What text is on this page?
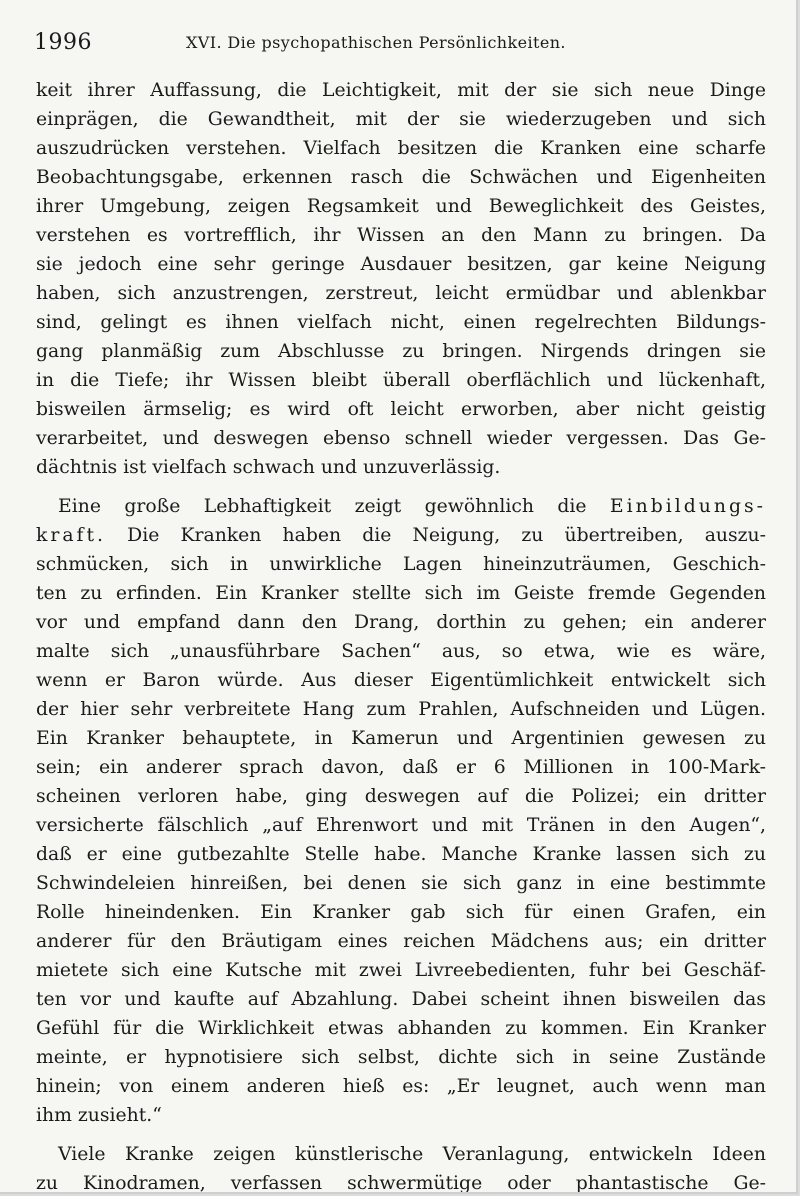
1996	XVI. Die psychopathischen Persönlichkeiten.
keit ihrer Auffassung, die Leichtigkeit, mit der sie sich neue Dinge
einprägen, die Gewandtheit, mit der sie wiederzugeben und sich
auszudrücken verstehen. Vielfach besitzen die Kranken eine scharfe
Beobachtungsgabe, erkennen rasch die Schwächen und Eigenheiten
ihrer Umgebung, zeigen Regsamkeit und Beweglichkeit des Geistes,
verstehen es vortrefflich, ihr Wissen an den Mann zu bringen. Da
sie jedoch eine sehr geringe Ausdauer besitzen, gar keine Neigung
haben, sich anzustrengen, zerstreut, leicht ermüdbar und ablenkbar
sind, gelingt es ihnen vielfach nicht, einen regelrechten Bildungs-
gang planmäßig zum Abschlusse zu bringen. Nirgends dringen sie
in die Tiefe; ihr Wissen bleibt überall oberflächlich und lückenhaft,
bisweilen ärmselig; es wird oft leicht erworben, aber nicht geistig
verarbeitet, und deswegen ebenso schnell wieder vergessen. Das Ge-
dächtnis ist vielfach schwach und unzuverlässig.
Eine große Lebhaftigkeit zeigt gewöhnlich die Einbildungs-
kraft. Die Kranken haben die Neigung, zu übertreiben, auszu-
schmücken, sich in unwirkliche Lagen hineinzuträumen, Geschich-
ten zu erfinden. Ein Kranker stellte sich im Geiste fremde Gegenden
vor und empfand dann den Drang, dorthin zu gehen; ein anderer
malte sich „unausführbare Sachen“ aus, so etwa, wie es wäre,
wenn er Baron würde. Aus dieser Eigentümlichkeit entwickelt sich
der hier sehr verbreitete Hang zum Prahlen, Aufschneiden und Lügen.
Ein Kranker behauptete, in Kamerun und Argentinien gewesen zu
sein; ein anderer sprach davon, daß er 6 Millionen in 100-Mark-
scheinen verloren habe, ging deswegen auf die Polizei; ein dritter
versicherte fälschlich „auf Ehrenwort und mit Tränen in den Augen“,
daß er eine gutbezahlte Stelle habe. Manche Kranke lassen sich zu
Schwindeleien hinreißen, bei denen sie sich ganz in eine bestimmte
Rolle hineindenken. Ein Kranker gab sich für einen Grafen, ein
anderer für den Bräutigam eines reichen Mädchens aus; ein dritter
mietete sich eine Kutsche mit zwei Livreebedienten, fuhr bei Geschäf-
ten vor und kaufte auf Abzahlung. Dabei scheint ihnen bisweilen das
Gefühl für die Wirklichkeit etwas abhanden zu kommen. Ein Kranker
meinte, er hypnotisiere sich selbst, dichte sich in seine Zustände
hinein; von einem anderen hieß es: „Er leugnet, auch wenn man
ihm zusieht.“
Viele Kranke zeigen künstlerische Veranlagung, entwickeln Ideen
zu Kinodramen, verfassen schwermütige oder phantastische Ge-
